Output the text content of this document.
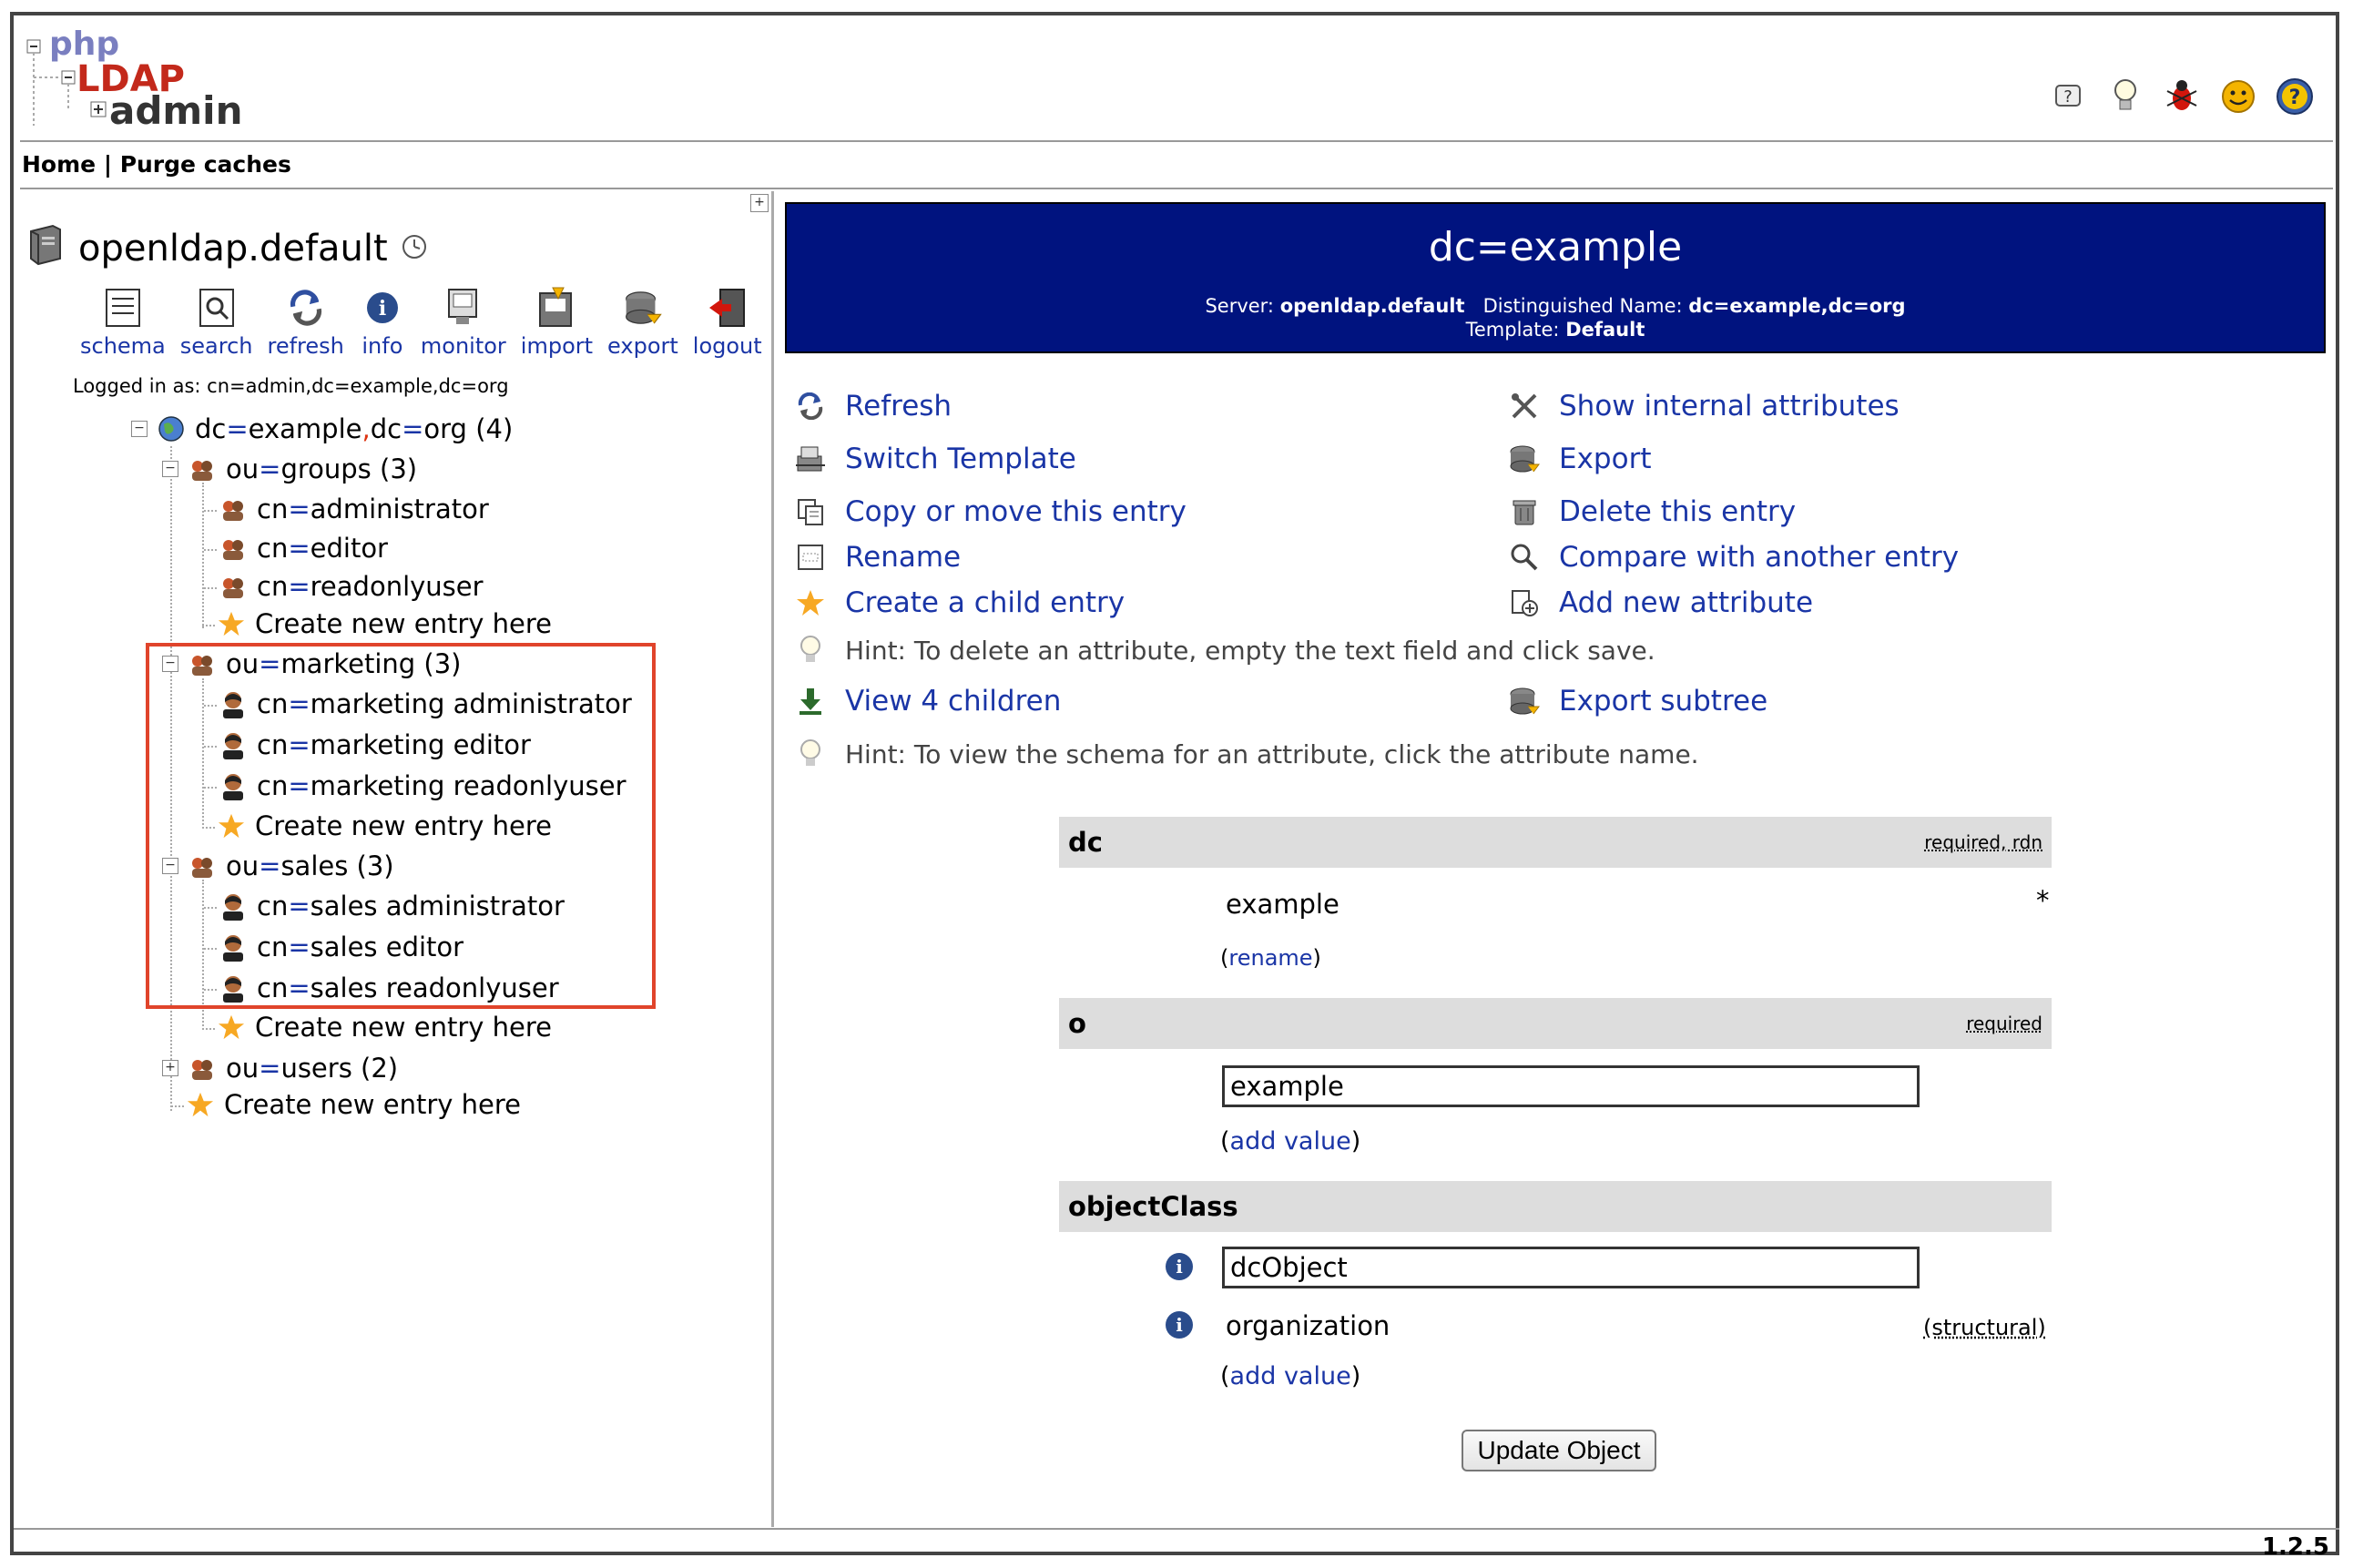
php
LDAP
admin	?	?
Home | Purge caches
+
openldap.default
schema search refresh
i
info monitor import export logout
Logged in as: cn=admin,dc=example,dc=org
− dc = example , dc = org
(4)
− ou = groups
(3)
cn = administrator
cn = editor
cn = readonlyuser
Create new entry here
− ou = marketing
(3)
cn = marketing administrator
cn = marketing editor
cn = marketing readonlyuser
Create new entry here
− ou = sales
(3)
cn = sales administrator
cn = sales editor
cn = sales readonlyuser
Create new entry here
+ ou = users
(2)
Create new entry here
dc=example
Server: openldap.default Distinguished Name: dc=example,dc=org
Template: Default
Refresh
Switch Template
Copy or move this entry
Rename
Create a child entry
Hint: To delete an attribute, empty the text field and click save.
View 4 children
Hint: To view the schema for an attribute, click the attribute name.
Show internal attributes
Export
Delete this entry
Compare with another entry
Add new attribute
Export subtree
dc	required, rdn
example	*
(rename)
o	required
example
(add value)
objectClass
i
dcObject
i	organization	(structural)
(add value)
Update Object
1.2.5
